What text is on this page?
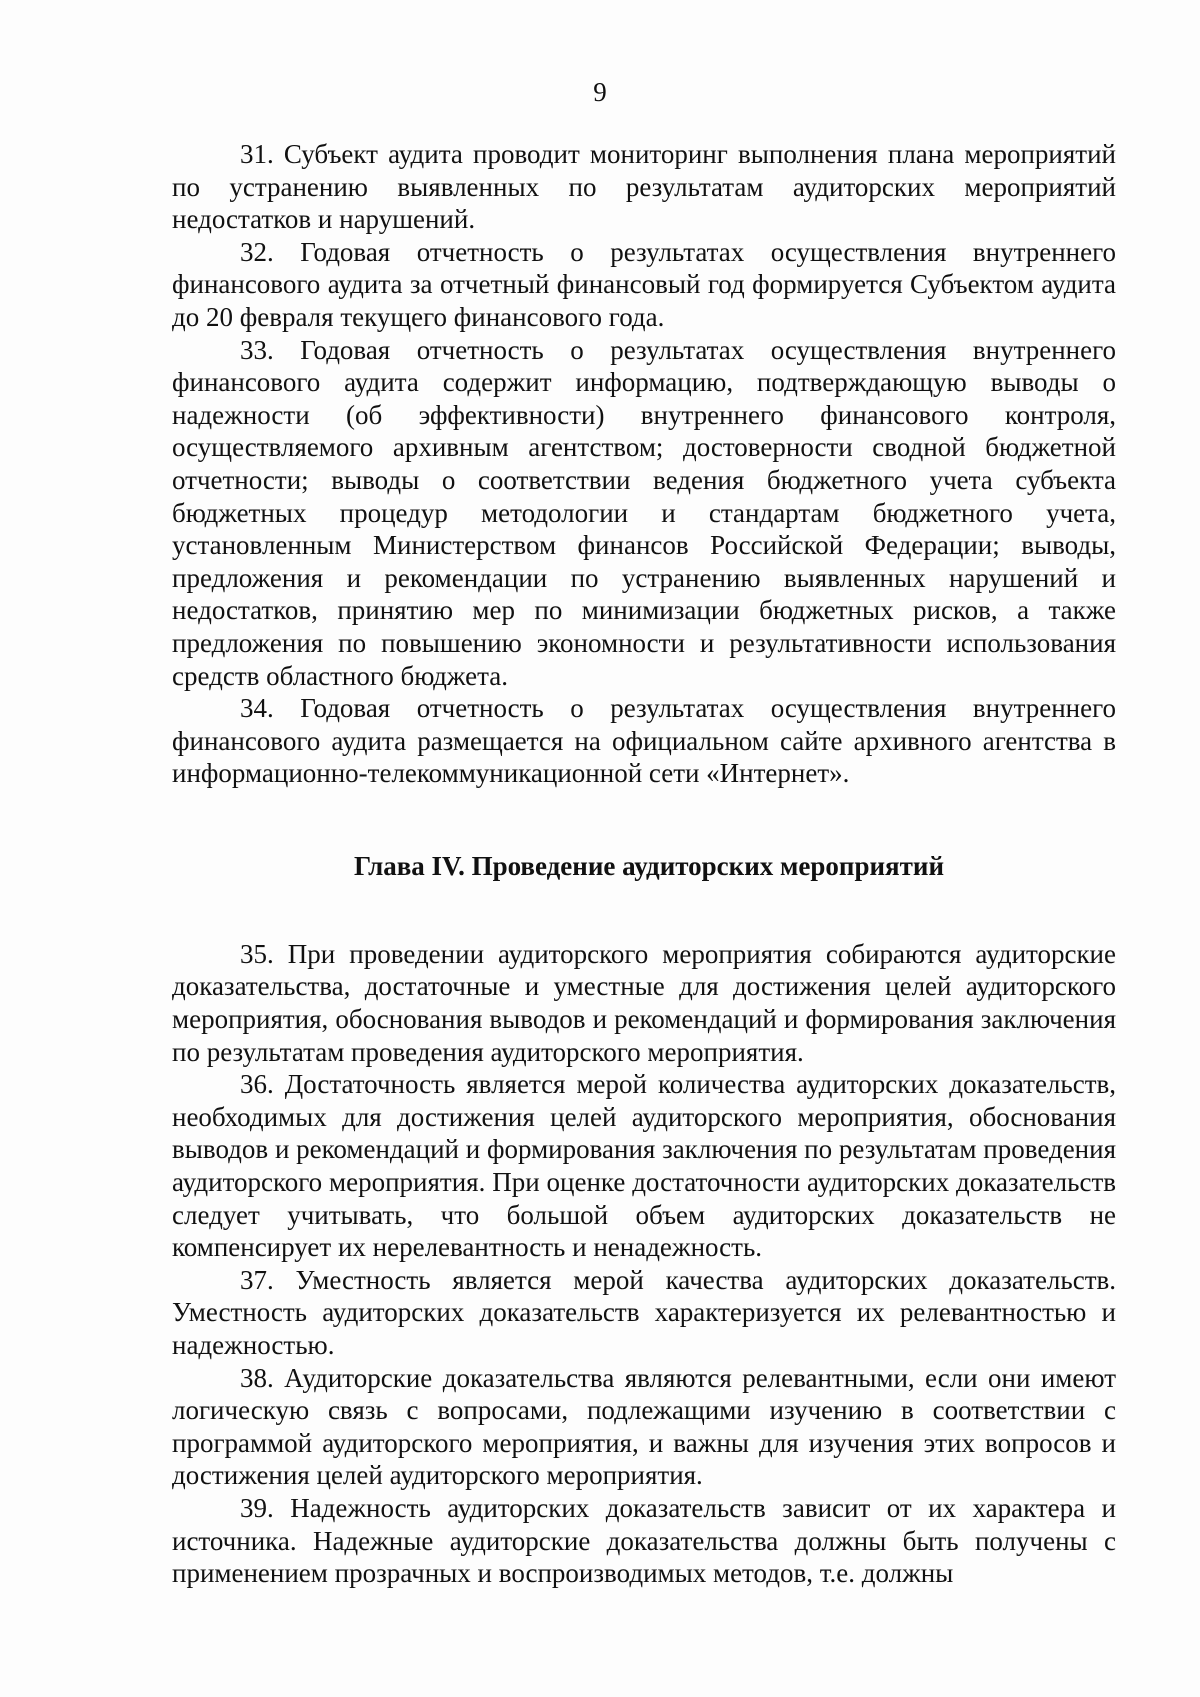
9

31. Субъект аудита проводит мониторинг выполнения плана мероприятий по устранению выявленных по результатам аудиторских мероприятий недостатков и нарушений.

32. Годовая отчетность о результатах осуществления внутреннего финансового аудита за отчетный финансовый год формируется Субъектом аудита до 20 февраля текущего финансового года.

33. Годовая отчетность о результатах осуществления внутреннего финансового аудита содержит информацию, подтверждающую выводы о надежности (об эффективности) внутреннего финансового контроля, осуществляемого архивным агентством; достоверности сводной бюджетной отчетности; выводы о соответствии ведения бюджетного учета субъекта бюджетных процедур методологии и стандартам бюджетного учета, установленным Министерством финансов Российской Федерации; выводы, предложения и рекомендации по устранению выявленных нарушений и недостатков, принятию мер по минимизации бюджетных рисков, а также предложения по повышению экономности и результативности использования средств областного бюджета.

34. Годовая отчетность о результатах осуществления внутреннего финансового аудита размещается на официальном сайте архивного агентства в информационно-телекоммуникационной сети «Интернет».

Глава IV. Проведение аудиторских мероприятий

35. При проведении аудиторского мероприятия собираются аудиторские доказательства, достаточные и уместные для достижения целей аудиторского мероприятия, обоснования выводов и рекомендаций и формирования заключения по результатам проведения аудиторского мероприятия.

36. Достаточность является мерой количества аудиторских доказательств, необходимых для достижения целей аудиторского мероприятия, обоснования выводов и рекомендаций и формирования заключения по результатам проведения аудиторского мероприятия. При оценке достаточности аудиторских доказательств следует учитывать, что большой объем аудиторских доказательств не компенсирует их нерелевантность и ненадежность.

37. Уместность является мерой качества аудиторских доказательств. Уместность аудиторских доказательств характеризуется их релевантностью и надежностью.

38. Аудиторские доказательства являются релевантными, если они имеют логическую связь с вопросами, подлежащими изучению в соответствии с программой аудиторского мероприятия, и важны для изучения этих вопросов и достижения целей аудиторского мероприятия.

39. Надежность аудиторских доказательств зависит от их характера и источника. Надежные аудиторские доказательства должны быть получены с применением прозрачных и воспроизводимых методов, т.е. должны
